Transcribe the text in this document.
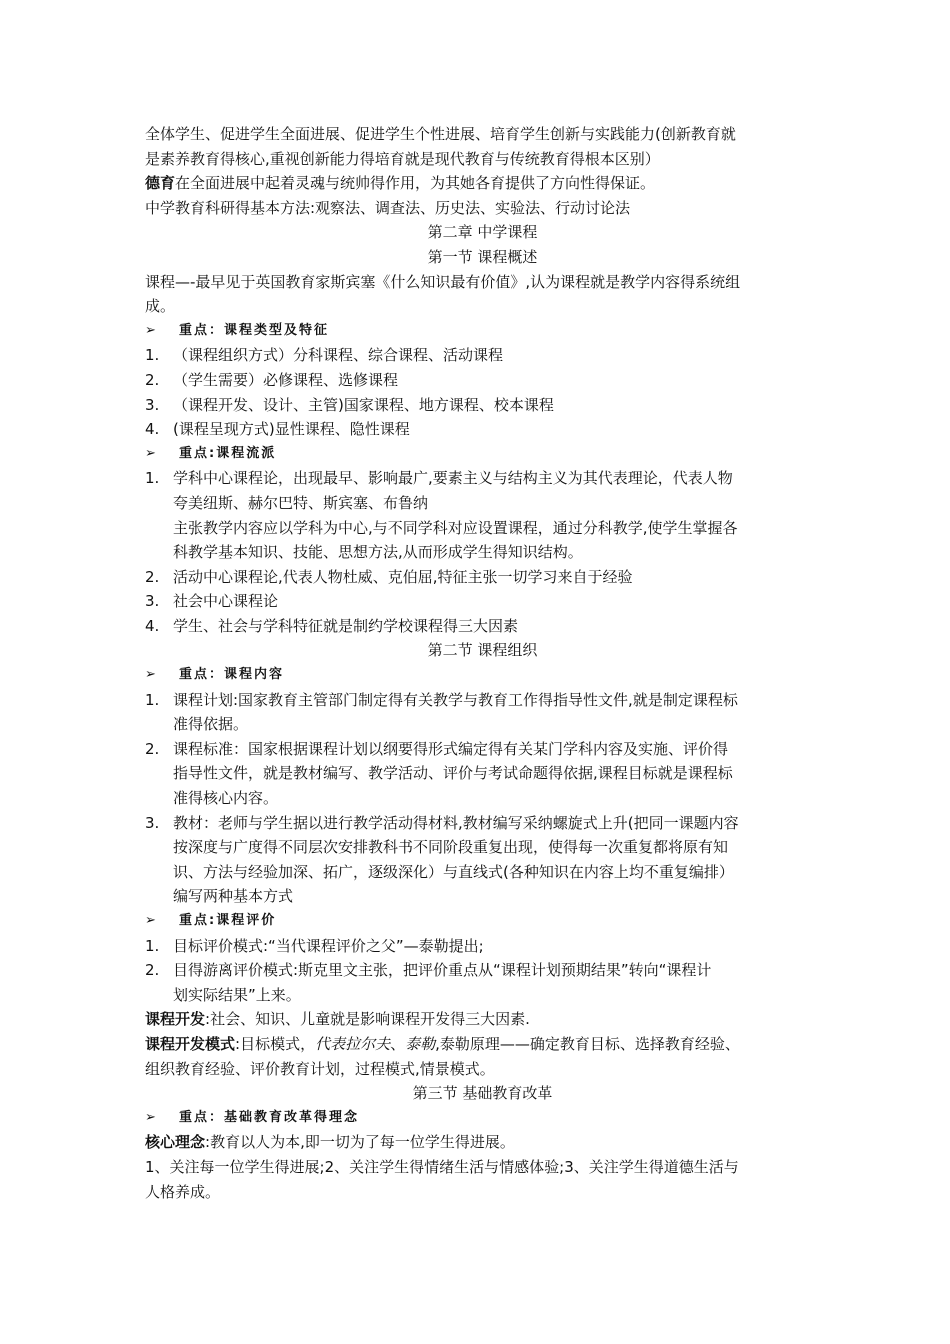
全体学生、促进学生全面进展、促进学生个性进展、培育学生创新与实践能力(创新教育就
是素养教育得核心,重视创新能力得培育就是现代教育与传统教育得根本区别）
德育在全面进展中起着灵魂与统帅得作用，为其她各育提供了方向性得保证。
中学教育科研得基本方法:观察法、调查法、历史法、实验法、行动讨论法
第二章 中学课程
第一节 课程概述
课程—-最早见于英国教育家斯宾塞《什么知识最有价值》,认为课程就是教学内容得系统组
成。
➢	重点：课程类型及特征
1. （课程组织方式）分科课程、综合课程、活动课程
2. （学生需要）必修课程、选修课程
3. （课程开发、设计、主管)国家课程、地方课程、校本课程
4. (课程呈现方式)显性课程、隐性课程
➢	重点:课程流派
1. 学科中心课程论，出现最早、影响最广,要素主义与结构主义为其代表理论，代表人物
夸美纽斯、赫尔巴特、斯宾塞、布鲁纳
主张教学内容应以学科为中心,与不同学科对应设置课程，通过分科教学,使学生掌握各
科教学基本知识、技能、思想方法,从而形成学生得知识结构。
2. 活动中心课程论,代表人物杜威、克伯屈,特征主张一切学习来自于经验
3. 社会中心课程论
4. 学生、社会与学科特征就是制约学校课程得三大因素
第二节 课程组织
➢	重点：课程内容
1. 课程计划:国家教育主管部门制定得有关教学与教育工作得指导性文件,就是制定课程标
准得依据。
2. 课程标准：国家根据课程计划以纲要得形式编定得有关某门学科内容及实施、评价得
指导性文件，就是教材编写、教学活动、评价与考试命题得依据,课程目标就是课程标
准得核心内容。
3. 教材：老师与学生据以进行教学活动得材料,教材编写采纳螺旋式上升(把同一课题内容
按深度与广度得不同层次安排教科书不同阶段重复出现，使得每一次重复都将原有知
识、方法与经验加深、拓广，逐级深化）与直线式(各种知识在内容上均不重复编排）
编写两种基本方式
➢	重点:课程评价
1. 目标评价模式:“当代课程评价之父”—泰勒提出;
2. 目得游离评价模式:斯克里文主张，把评价重点从“课程计划预期结果”转向“课程计
划实际结果”上来。
课程开发:社会、知识、儿童就是影响课程开发得三大因素.
课程开发模式:目标模式，代表拉尔夫、泰勒,泰勒原理——确定教育目标、选择教育经验、
组织教育经验、评价教育计划，过程模式,情景模式。
第三节 基础教育改革
➢	重点：基础教育改革得理念
核心理念:教育以人为本,即一切为了每一位学生得进展。
1、关注每一位学生得进展;2、关注学生得情绪生活与情感体验;3、关注学生得道德生活与
人格养成。
